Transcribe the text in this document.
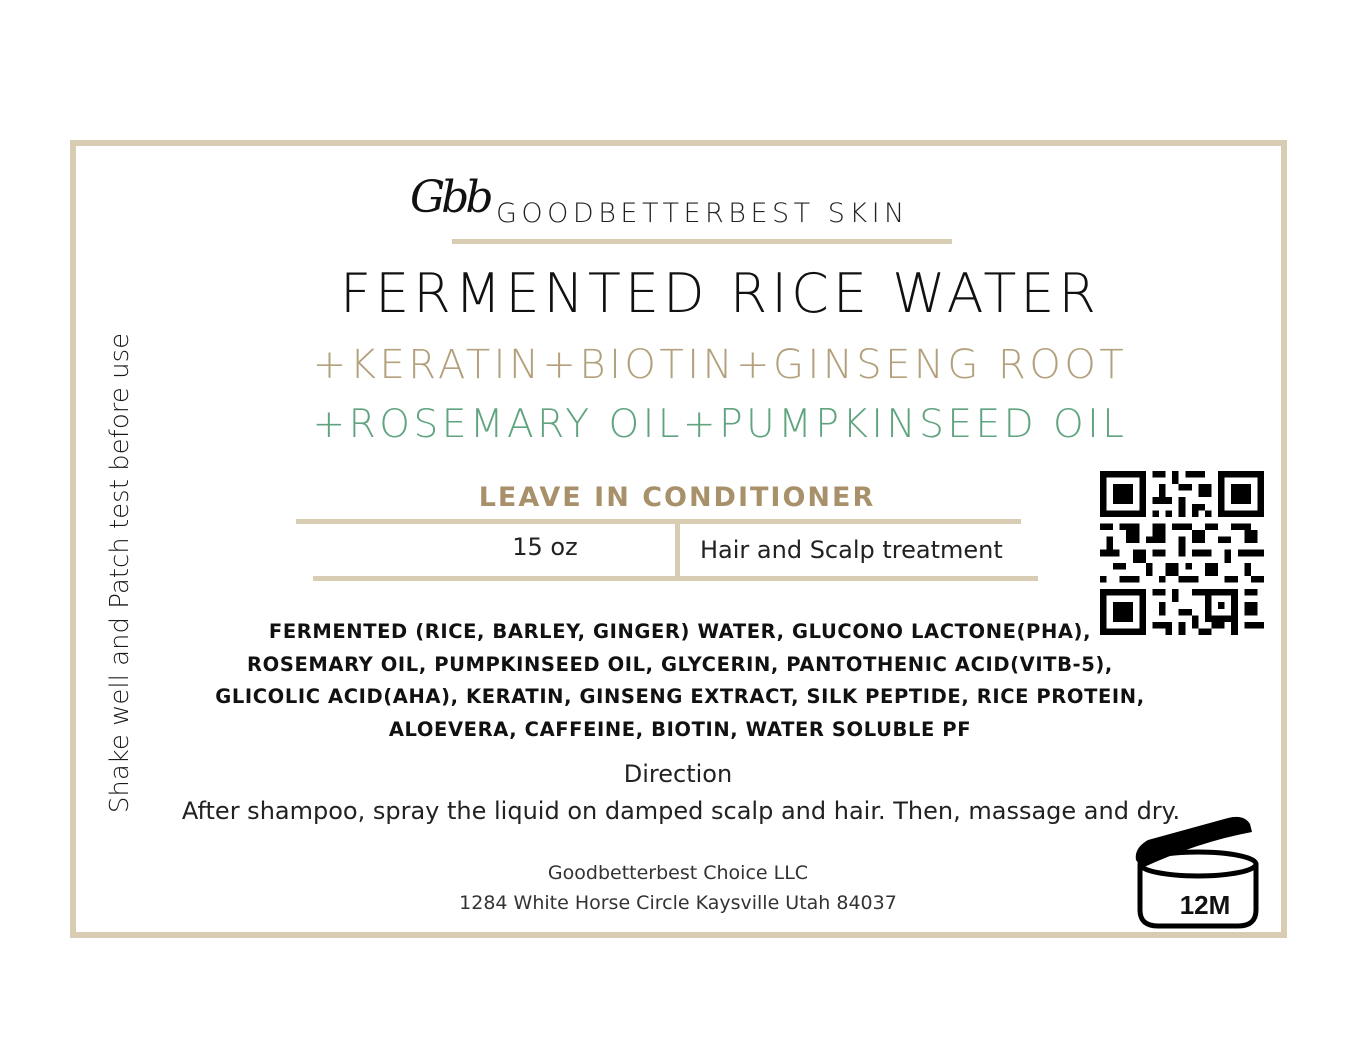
Shake well and Patch test before use
Gbb GOODBETTERBEST SKIN
FERMENTED RICE WATER
+KERATIN+BIOTIN+GINSENG ROOT
+ROSEMARY OIL+PUMPKINSEED OIL
LEAVE IN CONDITIONER
15 oz	Hair and Scalp treatment
FERMENTED (RICE, BARLEY, GINGER) WATER, GLUCONO LACTONE(PHA),
ROSEMARY OIL, PUMPKINSEED OIL, GLYCERIN, PANTOTHENIC ACID(VITB-5),
GLICOLIC ACID(AHA), KERATIN, GINSENG EXTRACT, SILK PEPTIDE, RICE PROTEIN,
ALOEVERA, CAFFEINE, BIOTIN, WATER SOLUBLE PF
Direction
After shampoo, spray the liquid on damped scalp and hair. Then, massage and dry.
Goodbetterbest Choice LLC
1284 White Horse Circle Kaysville Utah 84037	12M
